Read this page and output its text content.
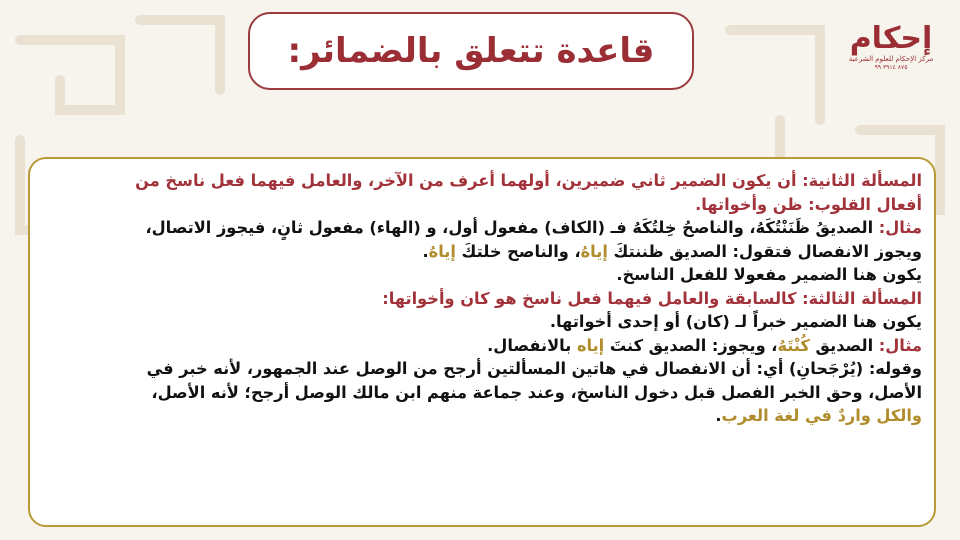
قاعدة تتعلق بالضمائر:	إحكام
مركز الإحكام للعلوم الشرعية
٨٧٥ ٣٩١٤ ٩٩
المسألة الثانية: أن يكون الضمير ثاني ضميرين، أولهما أعرف من الآخر، والعامل فيهما فعل ناسخ من
أفعال القلوب: ظن وأخواتها.
مثال: الصديقُ ظَنَنْتُكَهُ، والناصحُ خِلتُكَهُ فـ (الكاف) مفعول أول، و (الهاء) مفعول ثانٍ، فيجوز الاتصال،
ويجوز الانفصال فتقول: الصديق ظننتكَ إياهُ، والناصح خلتكَ إياهُ.
يكون هنا الضمير مفعولا للفعل الناسخ.
المسألة الثالثة: كالسابقة والعامل فيهما فعل ناسخ هو كان وأخواتها:
يكون هنا الضمير خبراً لـ (كان) أو إحدى أخواتها.
مثال: الصديق كُنْتَهُ، ويجوز: الصديق كنتَ إياه بالانفصال.
وقوله: (يُرْجَحانِ) أي: أن الانفصال في هاتين المسألتين أرجح من الوصل عند الجمهور، لأنه خبر في
الأصل، وحق الخبر الفصل قبل دخول الناسخ، وعند جماعة منهم ابن مالك الوصل أرجح؛ لأنه الأصل،
والكل واردٌ في لغة العرب.
